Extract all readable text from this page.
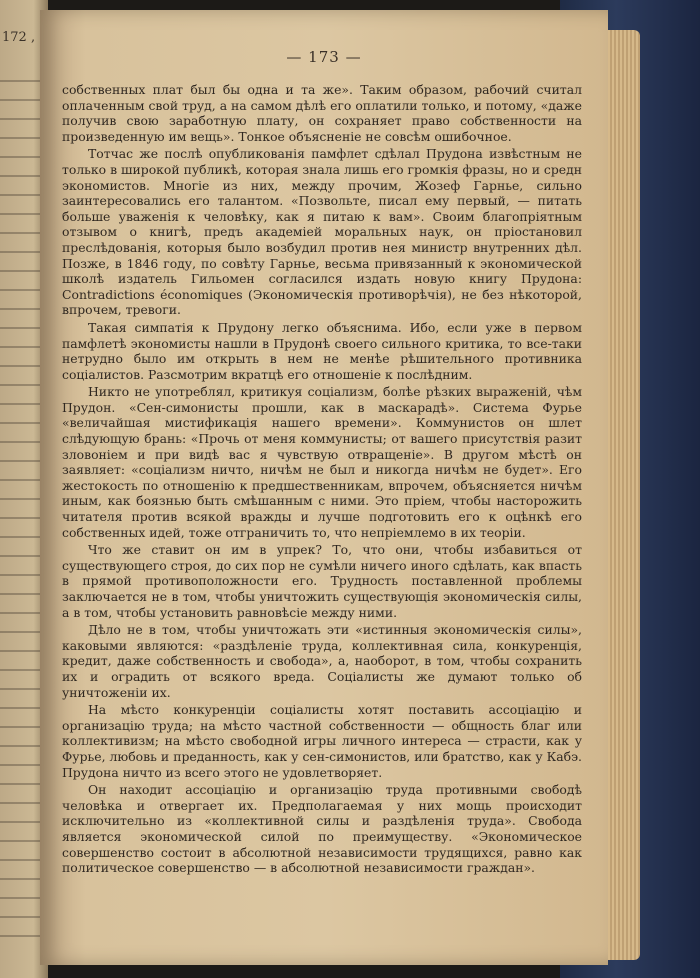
172 ,
— 173 —

собственных плат был бы одна и та же». Таким образом, рабочий считал оплаченным свой труд, а на самом дѣлѣ его оплатили только, и потому, «даже получив свою заработную плату, он сохраняет право собственности на произведенную им вещь». Тонкое объясненіе не совсѣм ошибочное.

Тотчас же послѣ опубликованія памфлет сдѣлал Прудона извѣстным не только в широкой публикѣ, которая знала лишь его громкія фразы, но и средн экономистов. Многіе из них, между прочим, Жозеф Гарнье, сильно заинтересовались его талантом. «Позвольте, писал ему первый, — питать больше уваженія к человѣку, как я питаю к вам». Своим благопріятным отзывом о книгѣ, предъ академіей моральных наук, он пріостановил преслѣдованія, которыя было возбудил против нея министр внутренних дѣл. Позже, в 1846 году, по совѣту Гарнье, весьма привязанный к экономической школѣ издатель Гильомен согласился издать новую книгу Прудона: Contradictions économiques (Экономическія противорѣчія), не без нѣкоторой, впрочем, тревоги.

Такая симпатія к Прудону легко объяснима. Ибо, если уже в первом памфлетѣ экономисты нашли в Прудонѣ своего сильного критика, то все-таки нетрудно было им открыть в нем не менѣе рѣшительного противника соціалистов. Разсмотрим вкратцѣ его отношеніе к послѣдним.

Никто не употреблял, критикуя соціализм, болѣе рѣзких выраженій, чѣм Прудон. «Сен-симонисты прошли, как в маскарадѣ». Система Фурье «величайшая мистификація нашего времени». Коммунистов он шлет слѣдующую брань: «Прочь от меня коммунисты; от вашего присутствія разит зловоніем и при видѣ вас я чувствую отвращеніе». В другом мѣстѣ он заявляет: «соціализм ничто, ничѣм не был и никогда ничѣм не будет». Его жестокость по отношенію к предшественникам, впрочем, объясняется ничѣм иным, как боязнью быть смѣшанным с ними. Это пріем, чтобы насторожить читателя против всякой вражды и лучше подготовить его к оцѣнкѣ его собственных идей, тоже отграничить то, что непріемлемо в их теоріи.

Что же ставит он им в упрек? То, что они, чтобы избавиться от существующего строя, до сих пор не сумѣли ничего иного сдѣлать, как впасть в прямой противоположности его. Трудность поставленной проблемы заключается не в том, чтобы уничтожить существующія экономическія силы, а в том, чтобы установить равновѣсіе между ними.

Дѣло не в том, чтобы уничтожать эти «истинныя экономическія силы», каковыми являются: «раздѣленіе труда, коллективная сила, конкуренція, кредит, даже собственность и свобода», а, наоборот, в том, чтобы сохранить их и оградить от всякого вреда. Соціалисты же думают только об уничтоженіи их.

На мѣсто конкуренціи соціалисты хотят поставить ассоціацію и организацію труда; на мѣсто частной собственности — общность благ или коллективизм; на мѣсто свободной игры личного интереса — страсти, как у Фурье, любовь и преданность, как у сен-симонистов, или братство, как у Кабэ. Прудона ничто из всего этого не удовлетворяет.

Он находит ассоціацію и организацію труда противными свободѣ человѣка и отвергает их. Предполагаемая у них мощь происходит исключительно из «коллективной силы и раздѣленія труда». Свобода является экономической силой по преимуществу. «Экономическое совершенство состоит в абсолютной независимости трудящихся, равно как политическое совершенство — в абсолютной независимости граждан».
